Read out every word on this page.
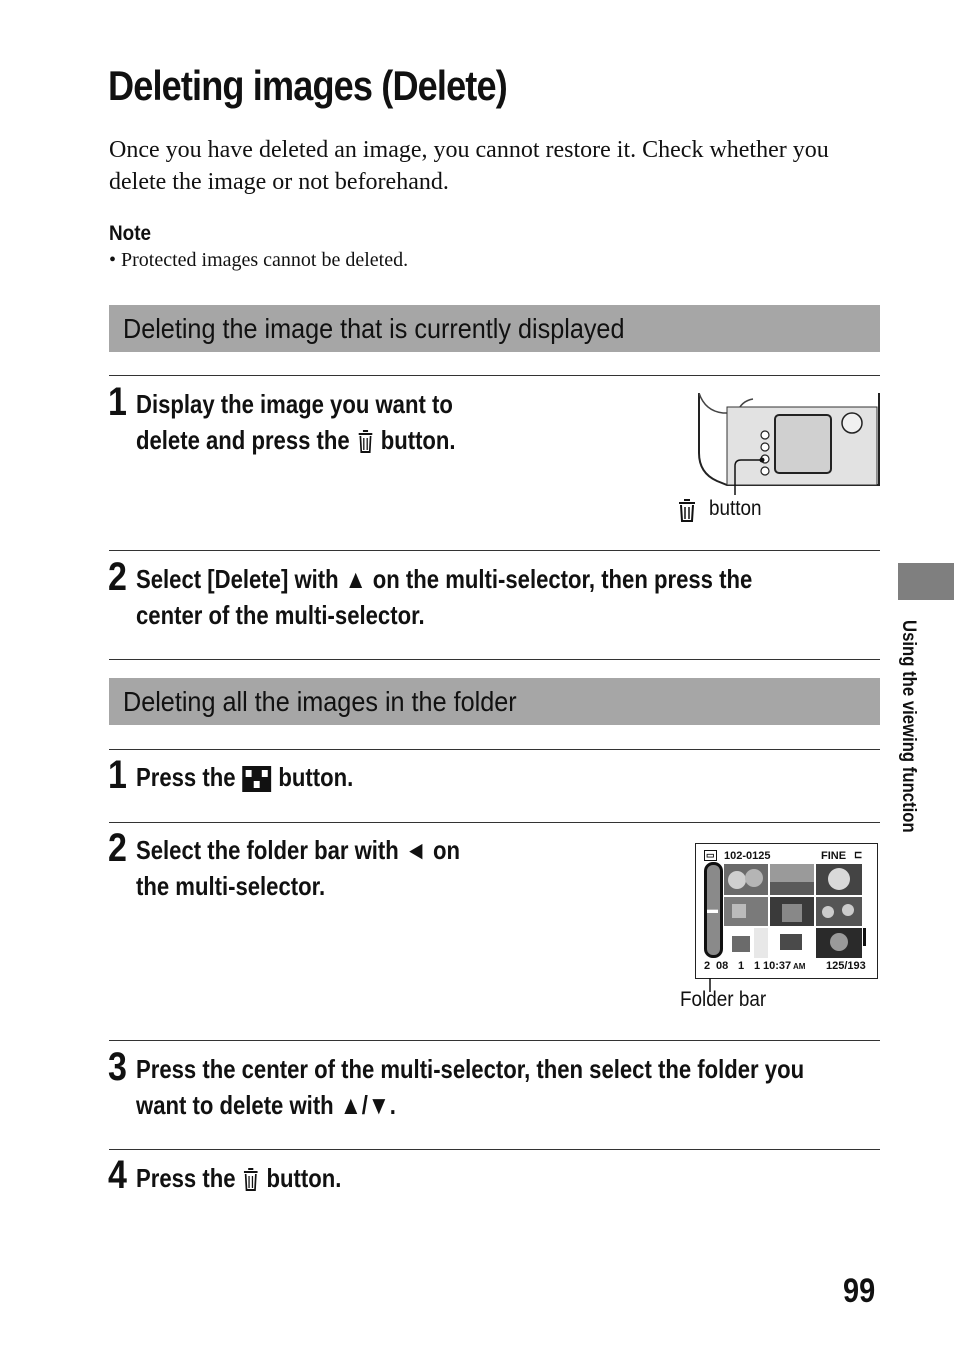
Deleting images (Delete)
Once you have deleted an image, you cannot restore it. Check whether you delete the image or not beforehand.
Note
• Protected images cannot be deleted.
Deleting the image that is currently displayed
1 Display the image you want to
delete and press the button.
button
2 Select [Delete] with ▲ on the multi-selector, then press the
center of the multi-selector.
Deleting all the images in the folder
1 Press the button.
2 Select the folder bar with ◄ on
the multi-selector.
▭ 102-0125	FINE ⊏
▬
2 08 1 1 10:37 AM 125/193
Folder bar
3 Press the center of the multi-selector, then select the folder you
want to delete with ▲/▼.
4 Press the button.
Using the viewing function
99
